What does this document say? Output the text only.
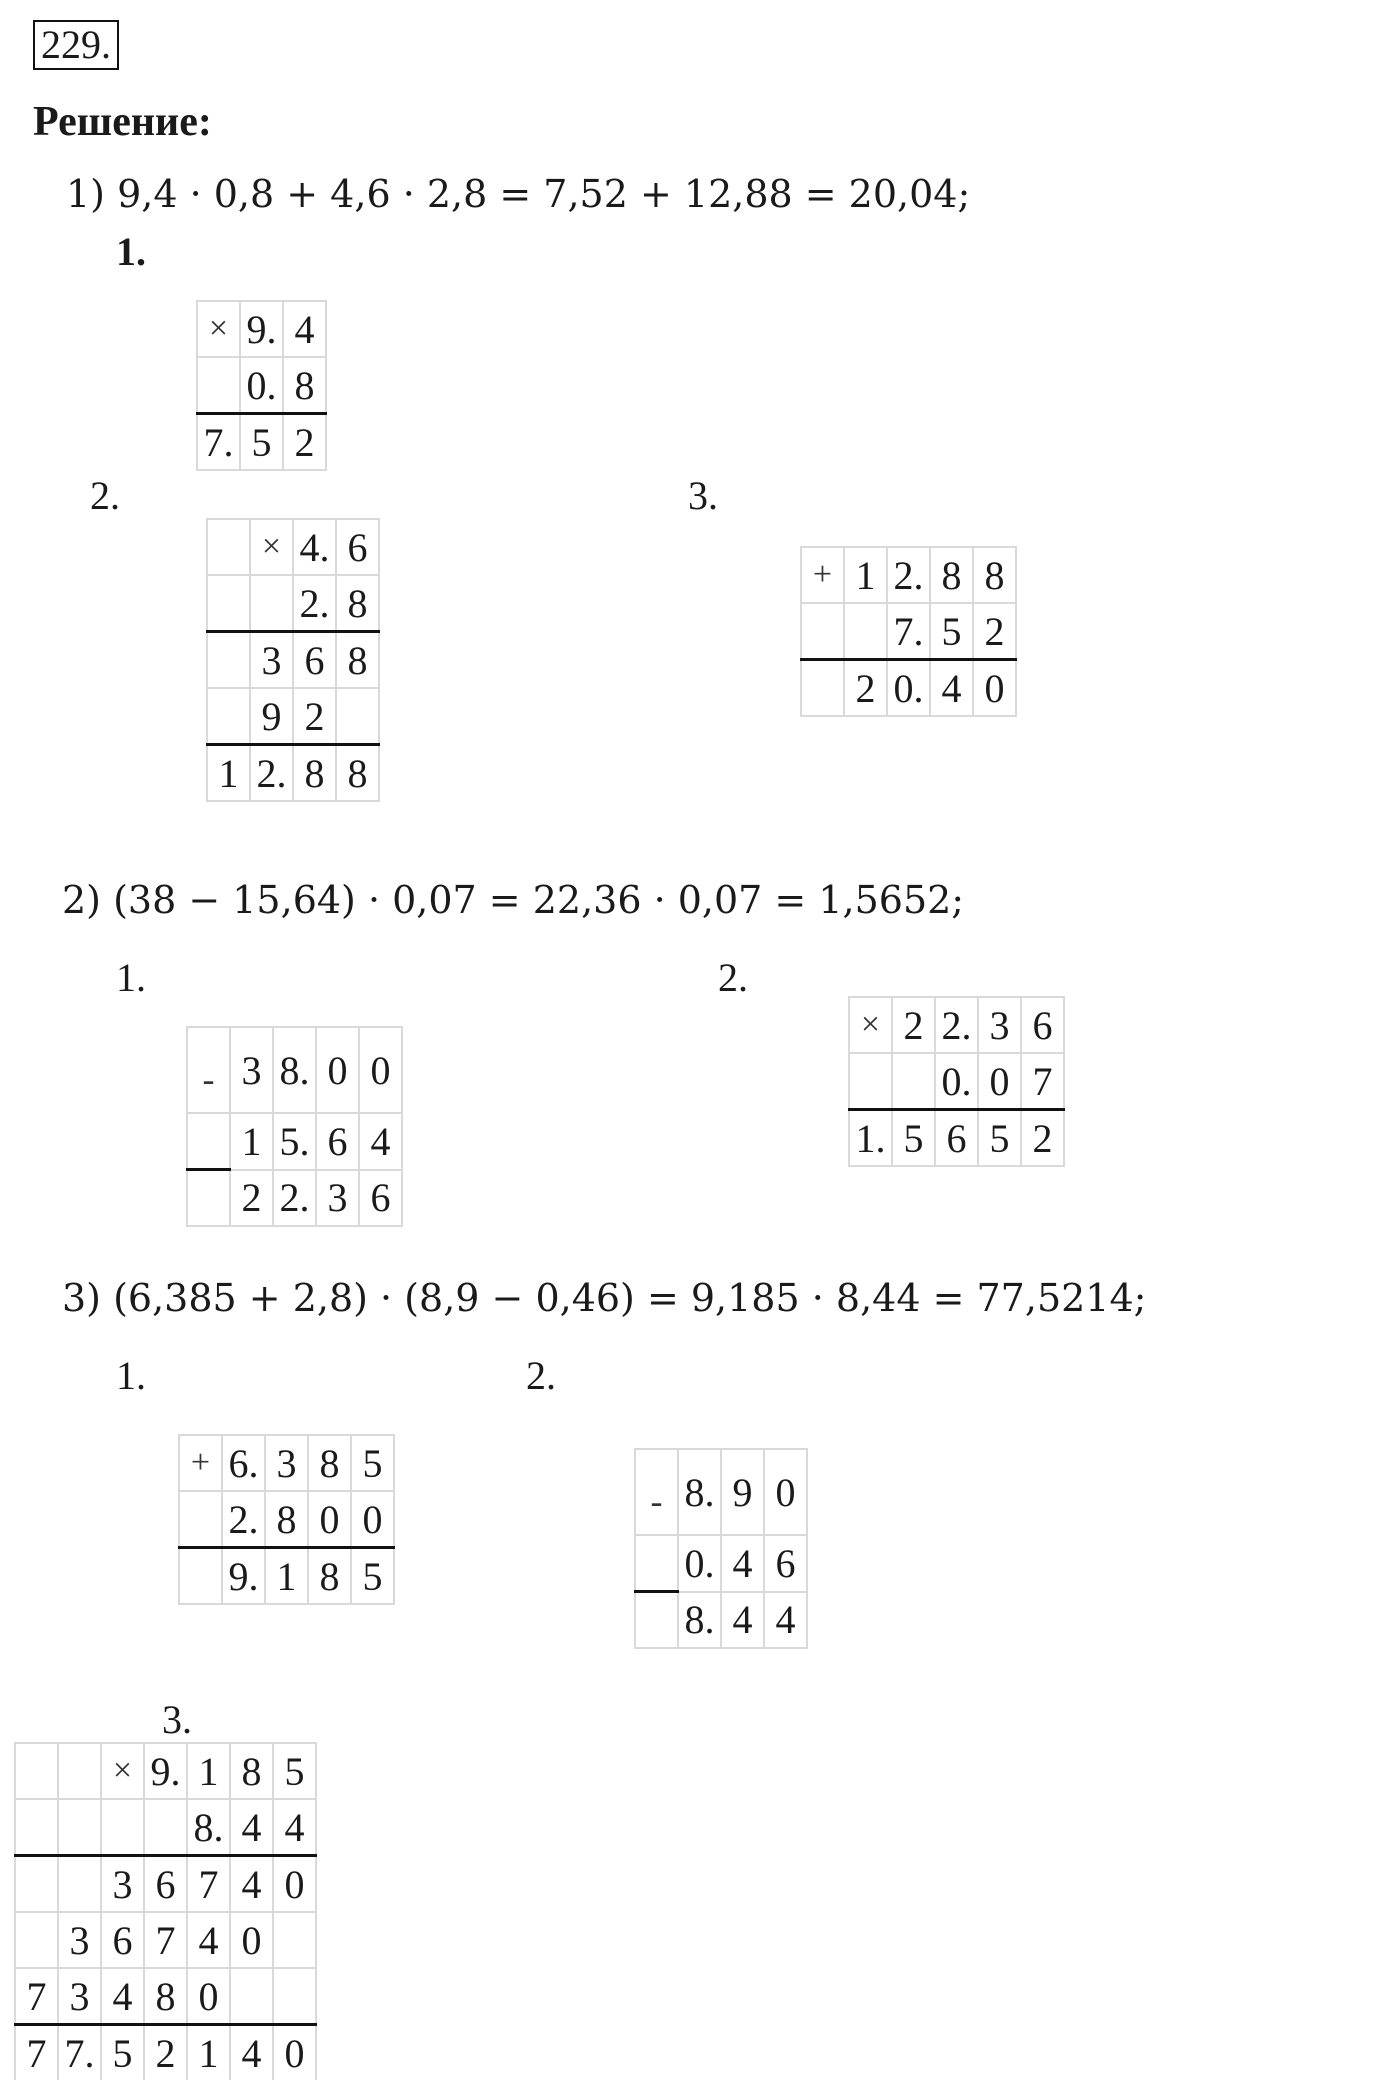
229.
Решение:
1) 9,4 · 0,8 + 4,6 · 2,8 = 7,52 + 12,88 = 20,04;
1.
×	9.	4
	0.	8
7.	5	2
2.
	×	4.	6
		2.	8
	3	6	8
	9	2	
1	2.	8	8
3.
+	1	2.	8	8
		7.	5	2
	2	0.	4	0
2) (38 − 15,64) · 0,07 = 22,36 · 0,07 = 1,5652;
1.
-	3	8.	0	0
	1	5.	6	4
	2	2.	3	6
2.
×	2	2.	3	6
		0.	0	7
1.	5	6	5	2
3) (6,385 + 2,8) · (8,9 − 0,46) = 9,185 · 8,44 = 77,5214;
1.
+	6.	3	8	5
	2.	8	0	0
	9.	1	8	5
2.
-	8.	9	0
	0.	4	6
	8.	4	4
3.
		×	9.	1	8	5
				8.	4	4
		3	6	7	4	0
	3	6	7	4	0	
7	3	4	8	0		
7	7.	5	2	1	4	0
